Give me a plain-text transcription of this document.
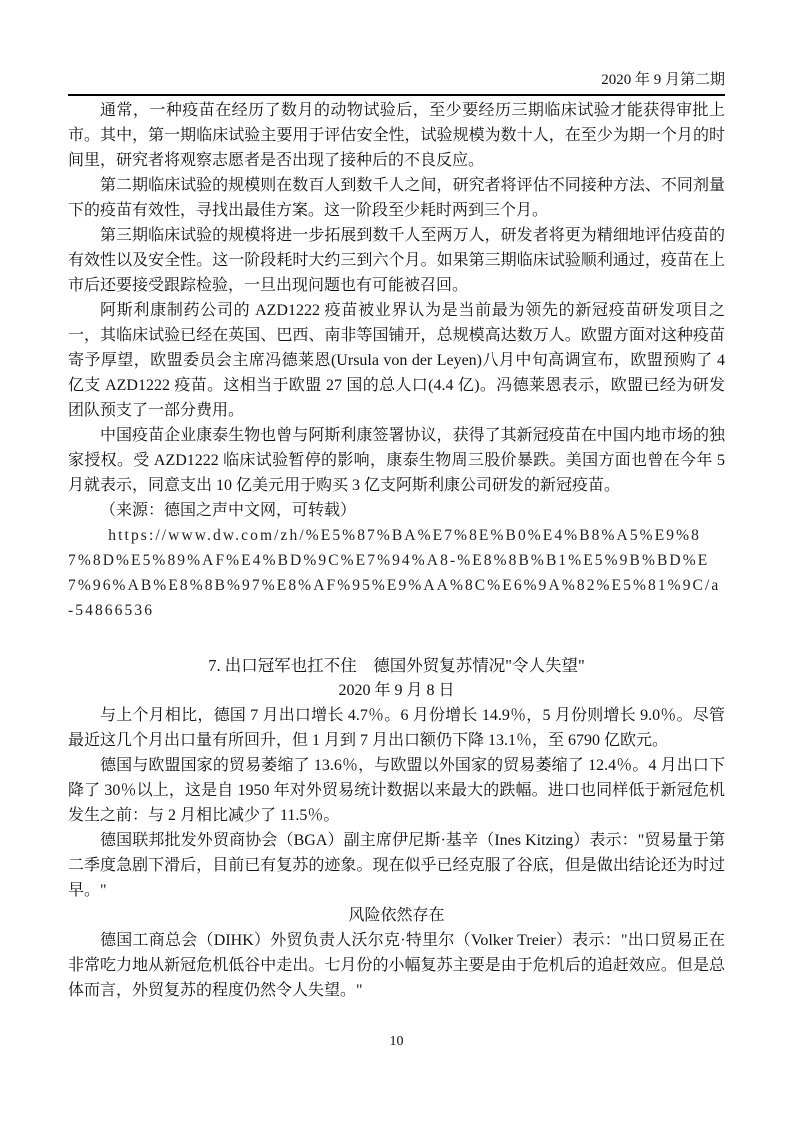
2020 年 9 月第二期

通常，一种疫苗在经历了数月的动物试验后，至少要经历三期临床试验才能获得审批上市。其中，第一期临床试验主要用于评估安全性，试验规模为数十人，在至少为期一个月的时间里，研究者将观察志愿者是否出现了接种后的不良反应。

第二期临床试验的规模则在数百人到数千人之间，研究者将评估不同接种方法、不同剂量下的疫苗有效性，寻找出最佳方案。这一阶段至少耗时两到三个月。

第三期临床试验的规模将进一步拓展到数千人至两万人，研发者将更为精细地评估疫苗的有效性以及安全性。这一阶段耗时大约三到六个月。如果第三期临床试验顺利通过，疫苗在上市后还要接受跟踪检验，一旦出现问题也有可能被召回。

阿斯利康制药公司的 AZD1222 疫苗被业界认为是当前最为领先的新冠疫苗研发项目之一，其临床试验已经在英国、巴西、南非等国铺开，总规模高达数万人。欧盟方面对这种疫苗寄予厚望，欧盟委员会主席冯德莱恩(Ursula von der Leyen)八月中旬高调宣布，欧盟预购了 4 亿支 AZD1222 疫苗。这相当于欧盟 27 国的总人口(4.4 亿)。冯德莱恩表示，欧盟已经为研发团队预支了一部分费用。

中国疫苗企业康泰生物也曾与阿斯利康签署协议，获得了其新冠疫苗在中国内地市场的独家授权。受 AZD1222 临床试验暂停的影响，康泰生物周三股价暴跌。美国方面也曾在今年 5 月就表示，同意支出 10 亿美元用于购买 3 亿支阿斯利康公司研发的新冠疫苗。

（来源：德国之声中文网，可转载）

https://www.dw.com/zh/%E5%87%BA%E7%8E%B0%E4%B8%A5%E9%87%8D%E5%89%AF%E4%BD%9C%E7%94%A8-%E8%8B%B1%E5%9B%BD%E7%96%AB%E8%8B%97%E8%AF%95%E9%AA%8C%E6%9A%82%E5%81%9C/a-54866536

7. 出口冠军也扛不住　德国外贸复苏情况"令人失望"
2020 年 9 月 8 日

与上个月相比，德国 7 月出口增长 4.7％。6 月份增长 14.9％，5 月份则增长 9.0％。尽管最近这几个月出口量有所回升，但 1 月到 7 月出口额仍下降 13.1％，至 6790 亿欧元。

德国与欧盟国家的贸易萎缩了 13.6％，与欧盟以外国家的贸易萎缩了 12.4％。4 月出口下降了 30％以上，这是自 1950 年对外贸易统计数据以来最大的跌幅。进口也同样低于新冠危机发生之前：与 2 月相比减少了 11.5％。

德国联邦批发外贸商协会（BGA）副主席伊尼斯·基辛（Ines Kitzing）表示："贸易量于第二季度急剧下滑后，目前已有复苏的迹象。现在似乎已经克服了谷底，但是做出结论还为时过早。"

风险依然存在

德国工商总会（DIHK）外贸负责人沃尔克·特里尔（Volker Treier）表示："出口贸易正在非常吃力地从新冠危机低谷中走出。七月份的小幅复苏主要是由于危机后的追赶效应。但是总体而言，外贸复苏的程度仍然令人失望。"

10
